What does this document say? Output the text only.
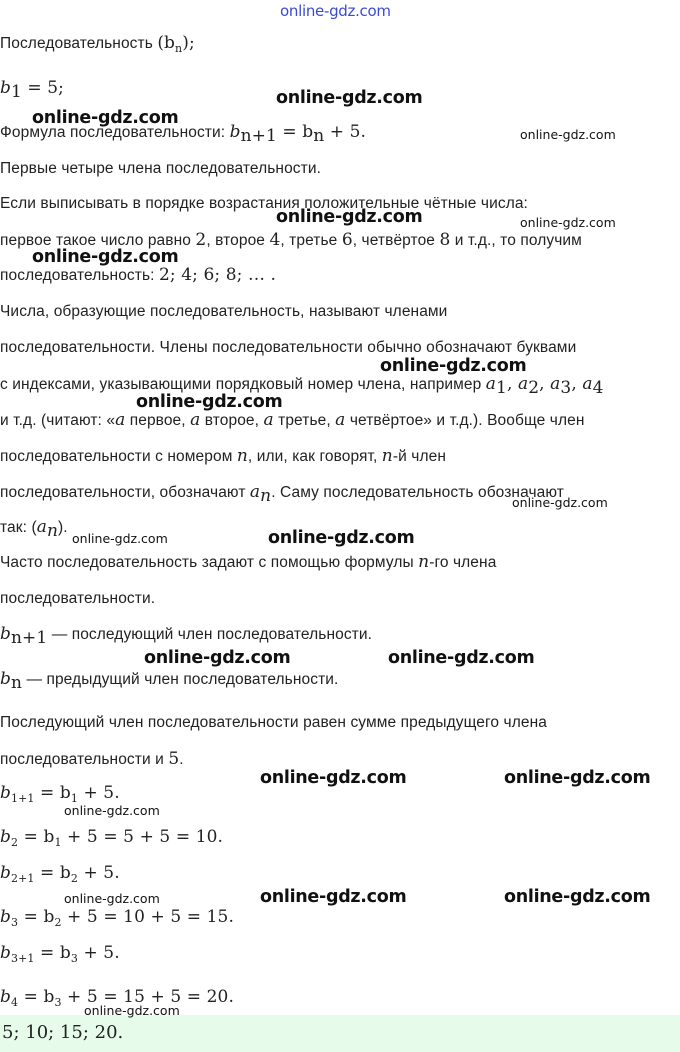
online-gdz.com
Последовательность $(b_n)$;
$b_1 = 5$;
Формула последовательности: $b_{n+1} = b_n + 5$.
Первые четыре члена последовательности.
Если выписывать в порядке возрастания положительные чётные числа:
первое такое число равно 2, второе 4, третье 6, четвёртое 8 и т.д., то получим
последовательность: 2; 4; 6; 8; … .
Числа, образующие последовательность, называют членами
последовательности. Члены последовательности обычно обозначают буквами
с индексами, указывающими порядковый номер члена, например $a_1$, $a_2$, $a_3$, $a_4$
и т.д. (читают: «a первое, a второе, a третье, a четвёртое» и т.д.). Вообще член
последовательности с номером n, или, как говорят, n-й член
последовательности, обозначают $a_n$. Саму последовательность обозначают
так: $(a_n)$.
Часто последовательность задают с помощью формулы n-го члена
последовательности.
$b_{n+1}$ — последующий член последовательности.
$b_n$ — предыдущий член последовательности.
Последующий член последовательности равен сумме предыдущего члена
последовательности и 5.
$b_{1+1} = b_1 + 5$.
$b_2 = b_1 + 5 = 5 + 5 = 10$.
$b_{2+1} = b_2 + 5$.
$b_3 = b_2 + 5 = 10 + 5 = 15$.
$b_{3+1} = b_3 + 5$.
$b_4 = b_3 + 5 = 15 + 5 = 20$.
5; 10; 15; 20.
online-gdz.com
online-gdz.com
online-gdz.com
online-gdz.com	online-gdz.com
online-gdz.com
online-gdz.com
online-gdz.com
online-gdz.com
online-gdz.com	online-gdz.com
online-gdz.com	online-gdz.com
online-gdz.com	online-gdz.com
online-gdz.com
online-gdz.com	online-gdz.com	online-gdz.com
online-gdz.com
